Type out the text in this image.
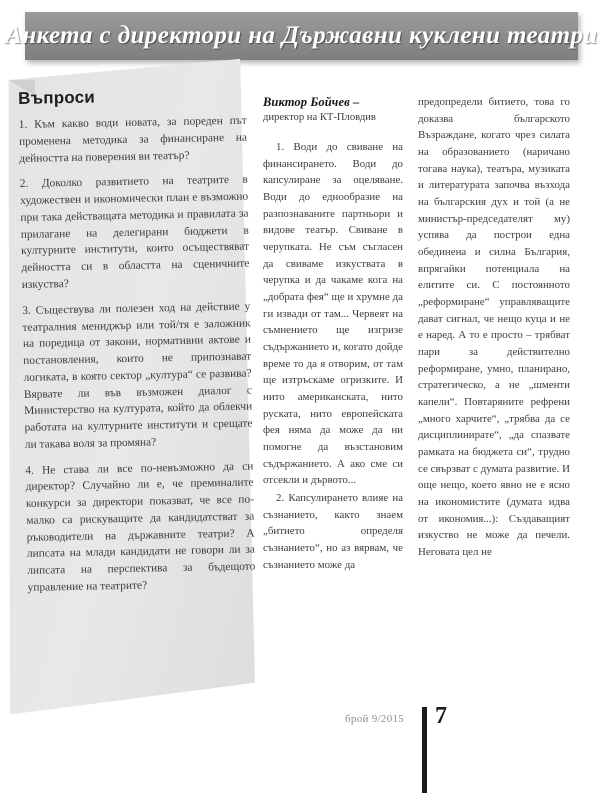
Анкета с директори на Държавни куклени театри
Въпроси

1. Към какво води новата, за пореден път променена методика за финансиране на дейността на поверения ви театър?

2. Доколко развитието на театрите в художествен и икономически план е възможно при така действащата методика и правилата за прилагане на делегирани бюджети в културните институти, които осъществяват дейността си в областта на сценичните изкуства?

3. Съществува ли полезен ход на действие у театралния мениджър или той/тя е заложник на поредица от закони, нормативни актове и постановления, които не припознават логиката, в която сектор „култура“ се развива? Вярвате ли във възможен диалог с Министерство на културата, който да облекчи работата на културните институти и срещате ли такава воля за промяна?

4. Не става ли все по-невъзможно да си директор? Случайно ли е, че преминалите конкурси за директори показват, че все по-малко са рискуващите да кандидатстват за ръководители на държавните театри? А липсата на млади кандидати не говори ли за липсата на перспектива за бъдещото управление на театрите?

Виктор Бойчев –

директор на КТ-Пловдив

1. Води до свиване на финансирането. Води до капсулиране за оцеляване. Води до еднообразие на разпознаваните партньори и видове театър. Свиване в черупката. Не съм съгласен да свиваме изкуствата в черупка и да чакаме кога на „добрата фея“ ще и хрумне да ги извади от там... Червеят на съмнението ще изгризе съдържанието и, когато дойде време то да я отворим, от там ще изтръскаме огризките. И нито американската, нито руската, нито европейската фея няма да може да ни помогне да възстановим съдържанието. А ако сме си отсекли и дървото...

2. Капсулирането влияе на съзнанието, както знаем „битието определя съзнанието“, но аз вярвам, че съзнанието може да

предопредели битието, това го доказва българското Възраждане, когато чрез силата на образованието (наричано тогава наука), театъра, музиката и литературата започва възхода на българския дух и той (а не министър-председателят му) успява да построи една обединена и силна България, впрягайки потенциала на елитите си. С постоянното „реформиране“ управляващите дават сигнал, че нещо куца и не е наред. А то е просто – трябват пари за действително реформиране, умно, планирано, стратегическо, а не „шменти капели“. Повтаряните рефрени „много харчите“, „трябва да се дисциплинирате“, „да спазвате рамката на бюджета си“, трудно се свързват с думата развитие. И още нещо, което явно не е ясно на икономистите (думата идва от икономия...): Създаващият изкуство не може да печели. Неговата цел не

брой 9/2015 7
